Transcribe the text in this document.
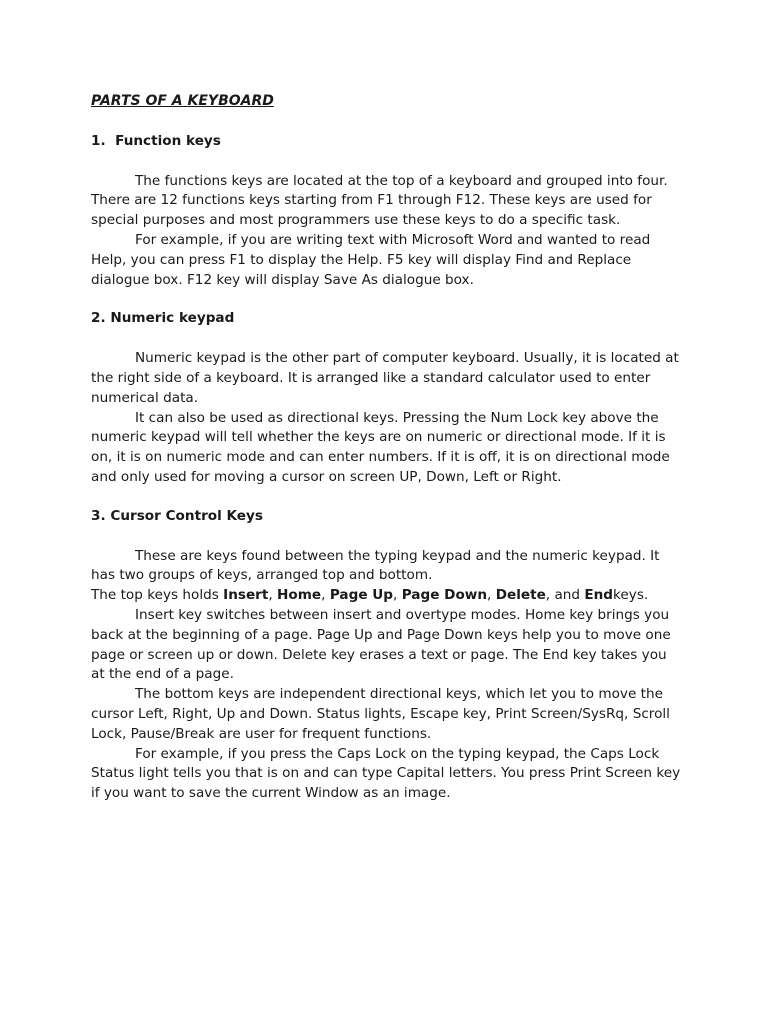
PARTS OF A KEYBOARD
1.  Function keys

The functions keys are located at the top of a keyboard and grouped into four. There are 12 functions keys starting from F1 through F12. These keys are used for special purposes and most programmers use these keys to do a specific task.

For example, if you are writing text with Microsoft Word and wanted to read Help, you can press F1 to display the Help. F5 key will display Find and Replace dialogue box. F12 key will display Save As dialogue box.

2. Numeric keypad

Numeric keypad is the other part of computer keyboard. Usually, it is located at the right side of a keyboard. It is arranged like a standard calculator used to enter numerical data.

It can also be used as directional keys. Pressing the Num Lock key above the numeric keypad will tell whether the keys are on numeric or directional mode. If it is on, it is on numeric mode and can enter numbers. If it is off, it is on directional mode and only used for moving a cursor on screen UP, Down, Left or Right.

3. Cursor Control Keys

These are keys found between the typing keypad and the numeric keypad. It has two groups of keys, arranged top and bottom.

The top keys holds Insert, Home, Page Up, Page Down, Delete, and Endkeys.

Insert key switches between insert and overtype modes. Home key brings you back at the beginning of a page. Page Up and Page Down keys help you to move one page or screen up or down. Delete key erases a text or page. The End key takes you at the end of a page.

The bottom keys are independent directional keys, which let you to move the cursor Left, Right, Up and Down. Status lights, Escape key, Print Screen/SysRq, Scroll Lock, Pause/Break are user for frequent functions.

For example, if you press the Caps Lock on the typing keypad, the Caps Lock Status light tells you that is on and can type Capital letters. You press Print Screen key if you want to save the current Window as an image.
